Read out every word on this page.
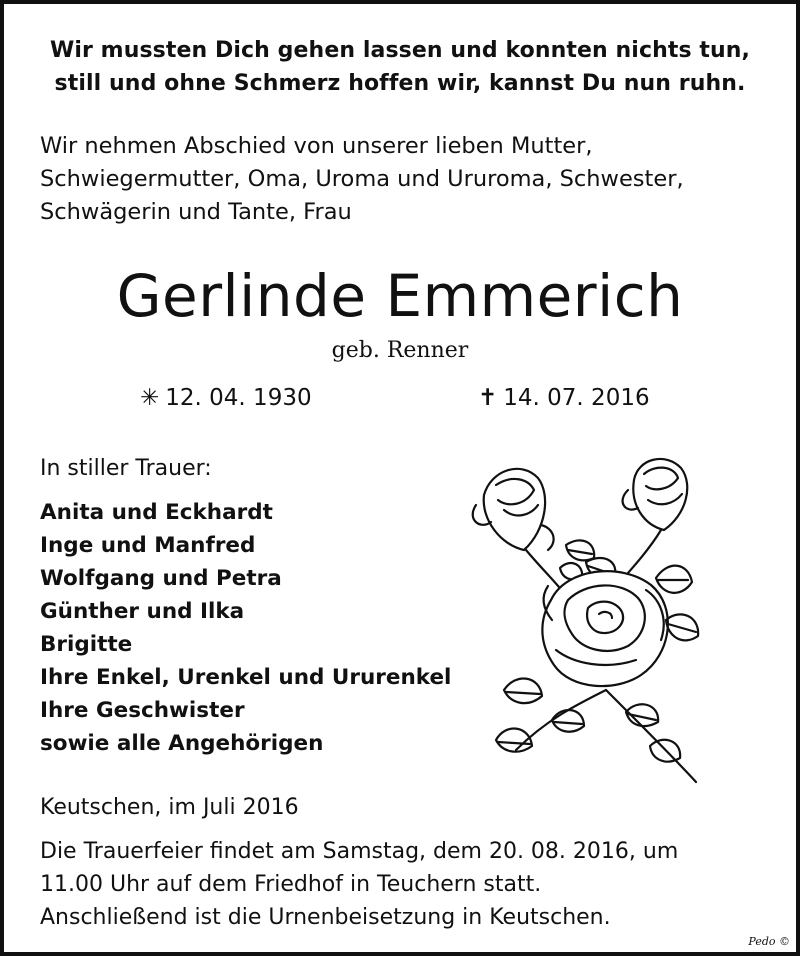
Wir mussten Dich gehen lassen und konnten nichts tun,
still und ohne Schmerz hoffen wir, kannst Du nun ruhn.
Wir nehmen Abschied von unserer lieben Mutter,
Schwiegermutter, Oma, Uroma und Ururoma, Schwester,
Schwägerin und Tante, Frau
Gerlinde Emmerich
geb. Renner
✳ 12. 04. 1930	✝ 14. 07. 2016
In stiller Trauer:
Anita und Eckhardt
Inge und Manfred
Wolfgang und Petra
Günther und Ilka
Brigitte
Ihre Enkel, Urenkel und Ururenkel
Ihre Geschwister
sowie alle Angehörigen
Keutschen, im Juli 2016
Die Trauerfeier findet am Samstag, dem 20. 08. 2016, um
11.00 Uhr auf dem Friedhof in Teuchern statt.
Anschließend ist die Urnenbeisetzung in Keutschen.
Pedo ©
